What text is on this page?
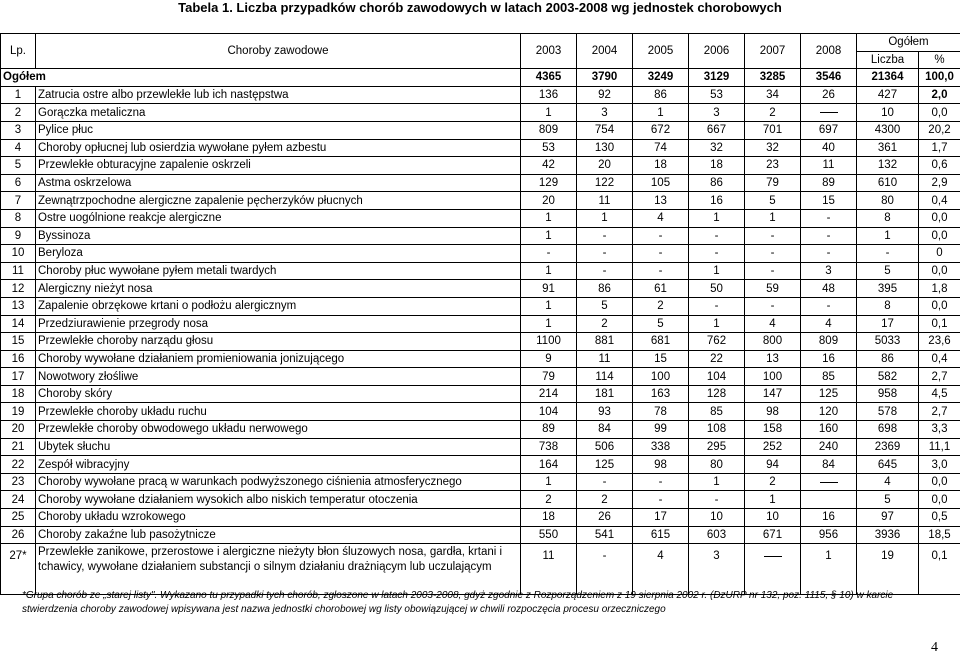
Tabela 1. Liczba przypadków chorób zawodowych w latach 2003-2008 wg jednostek chorobowych
Lp.	Choroby zawodowe	2003	2004	2005	2006	2007	2008	Ogółem	
								Liczba	%
Ogółem		4365	3790	3249	3129	3285	3546	21364	100,0
1	Zatrucia ostre albo przewlekłe lub ich następstwa	136	92	86	53	34	26	427	2,0
2	Gorączka metaliczna	1	3	1	3	2		10	0,0
3	Pylice płuc	809	754	672	667	701	697	4300	20,2
4	Choroby opłucnej lub osierdzia wywołane pyłem azbestu	53	130	74	32	32	40	361	1,7
5	Przewlekłe obturacyjne zapalenie oskrzeli	42	20	18	18	23	11	132	0,6
6	Astma oskrzelowa	129	122	105	86	79	89	610	2,9
7	Zewnątrzpochodne alergiczne zapalenie pęcherzyków płucnych	20	11	13	16	5	15	80	0,4
8	Ostre uogólnione reakcje alergiczne	1	1	4	1	1	-	8	0,0
9	Byssinoza	1	-	-	-	-	-	1	0,0
10	Beryloza	-	-	-	-	-	-	-	0
11	Choroby płuc wywołane pyłem metali twardych	1	-	-	1	-	3	5	0,0
12	Alergiczny nieżyt nosa	91	86	61	50	59	48	395	1,8
13	Zapalenie obrzękowe krtani o podłożu alergicznym	1	5	2	-	-	-	8	0,0
14	Przedziurawienie przegrody nosa	1	2	5	1	4	4	17	0,1
15	Przewlekłe choroby narządu głosu	1100	881	681	762	800	809	5033	23,6
16	Choroby wywołane działaniem promieniowania jonizującego	9	11	15	22	13	16	86	0,4
17	Nowotwory złośliwe	79	114	100	104	100	85	582	2,7
18	Choroby skóry	214	181	163	128	147	125	958	4,5
19	Przewlekłe choroby układu ruchu	104	93	78	85	98	120	578	2,7
20	Przewlekłe choroby obwodowego układu nerwowego	89	84	99	108	158	160	698	3,3
21	Ubytek słuchu	738	506	338	295	252	240	2369	11,1
22	Zespół wibracyjny	164	125	98	80	94	84	645	3,0
23	Choroby wywołane pracą w warunkach podwyższonego ciśnienia atmosferycznego	1	-	-	1	2		4	0,0
24	Choroby wywołane działaniem wysokich albo niskich temperatur otoczenia	2	2	-	-	1		5	0,0
25	Choroby układu wzrokowego	18	26	17	10	10	16	97	0,5
26	Choroby zakaźne lub pasożytnicze	550	541	615	603	671	956	3936	18,5
27*	Przewlekłe zanikowe, przerostowe i alergiczne nieżyty błon śluzowych nosa, gardła, krtani i tchawicy, wywołane działaniem substancji o silnym działaniu drażniącym lub uczulającym	11	-	4	3		1	19	0,1
*Grupa chorób ze „starej listy". Wykazano tu przypadki tych chorób, zgłoszone w latach 2003-2008, gdyż zgodnie z Rozporządzeniem z 19 sierpnia 2002 r. (DzURP nr 132, poz. 1115, § 10) w karcie stwierdzenia choroby zawodowej wpisywana jest nazwa jednostki chorobowej wg listy obowiązującej w chwili rozpoczęcia procesu orzeczniczego
4
